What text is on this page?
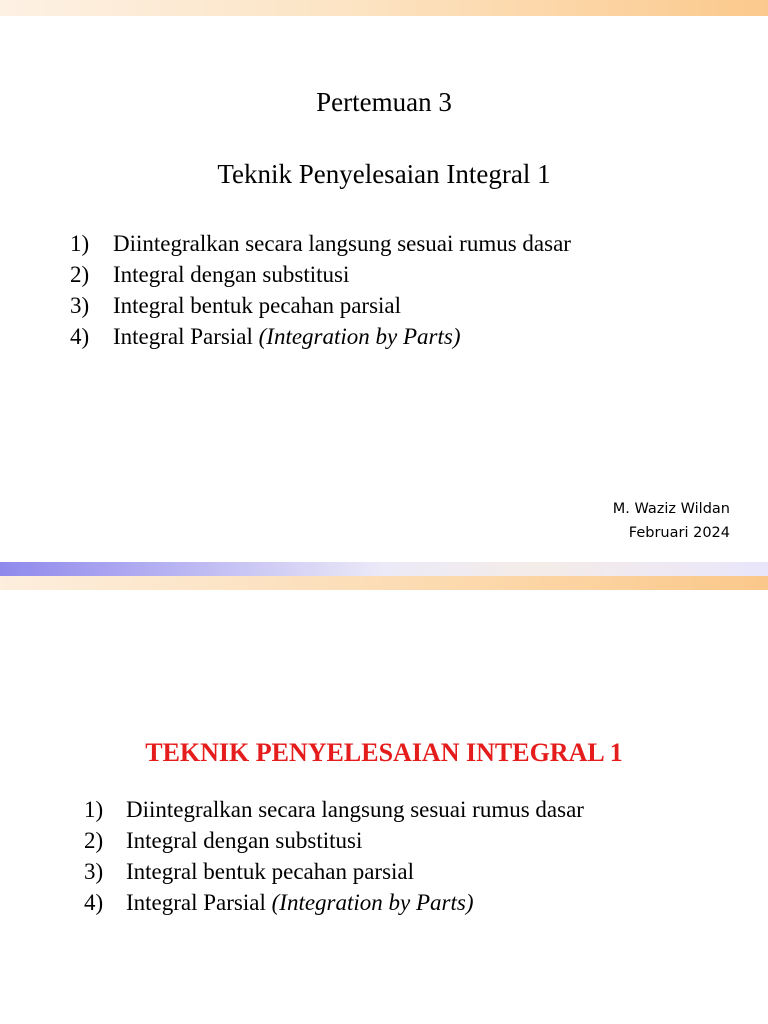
Pertemuan 3
Teknik Penyelesaian Integral 1
1) Diintegralkan secara langsung sesuai rumus dasar
2) Integral dengan substitusi
3) Integral bentuk pecahan parsial
4) Integral Parsial (Integration by Parts)
M. Waziz Wildan
Februari 2024
TEKNIK PENYELESAIAN INTEGRAL 1
1) Diintegralkan secara langsung sesuai rumus dasar
2) Integral dengan substitusi
3) Integral bentuk pecahan parsial
4) Integral Parsial (Integration by Parts)
